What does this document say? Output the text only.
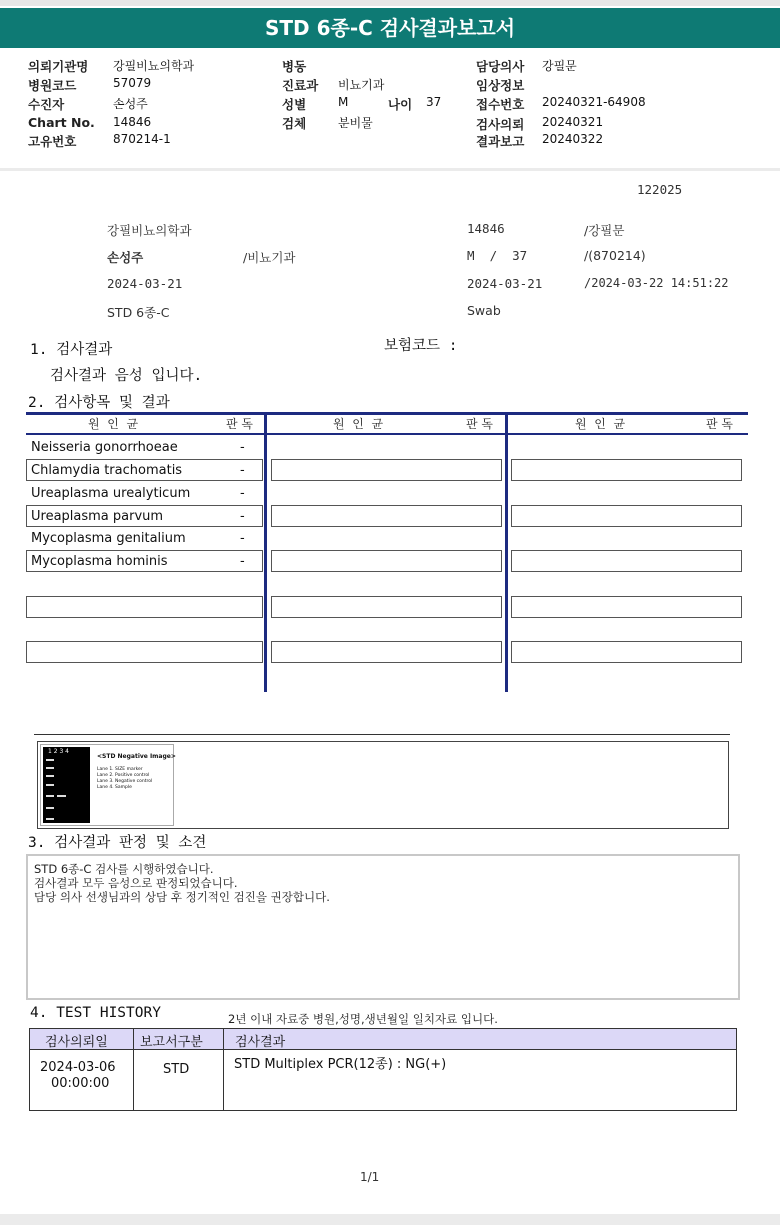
STD 6종-C 검사결과보고서
의뢰기관명 강필비뇨의학과
병원코드	57079
수진자	손성주
Chart No. 14846
고유번호	870214-1
병동
진료과 비뇨기과
성별	M	나이 37
검체	분비물
담당의사 강필문
임상정보
접수번호 20240321-64908
검사의뢰 20240321
결과보고 20240322
122025
강필비뇨의학과	14846	/강필문
손성주	/비뇨기과	M  /  37	/(870214)
2024-03-21	2024-03-21	/2024-03-22 14:51:22
STD 6종-C	Swab
1. 검사결과	보험코드 :
검사결과 음성 입니다.
2. 검사항목 및 결과
원  인  균	판 독	원  인  균	판 독	원  인  균	판 독
Neisseria gonorrhoeae	-
Chlamydia trachomatis	-
Ureaplasma urealyticum	-
Ureaplasma parvum	-
Mycoplasma genitalium	-
Mycoplasma hominis	-
1 2 3 4
<STD Negative Image>
Lane 1. SIZE marker
Lane 2. Positive control
Lane 3. Negative control
Lane 4. Sample
3. 검사결과 판정 및 소견
STD 6종-C 검사를 시행하였습니다.
검사결과 모두 음성으로 판정되었습니다.
담당 의사 선생님과의 상담 후 정기적인 검진을 권장합니다.
4. TEST HISTORY	2년 이내 자료중 병원,성명,생년월일 일치자료 입니다.
검사의뢰일 보고서구분 검사결과
2024-03-06
00:00:00
STD	STD Multiplex PCR(12종) : NG(+)
1/1
